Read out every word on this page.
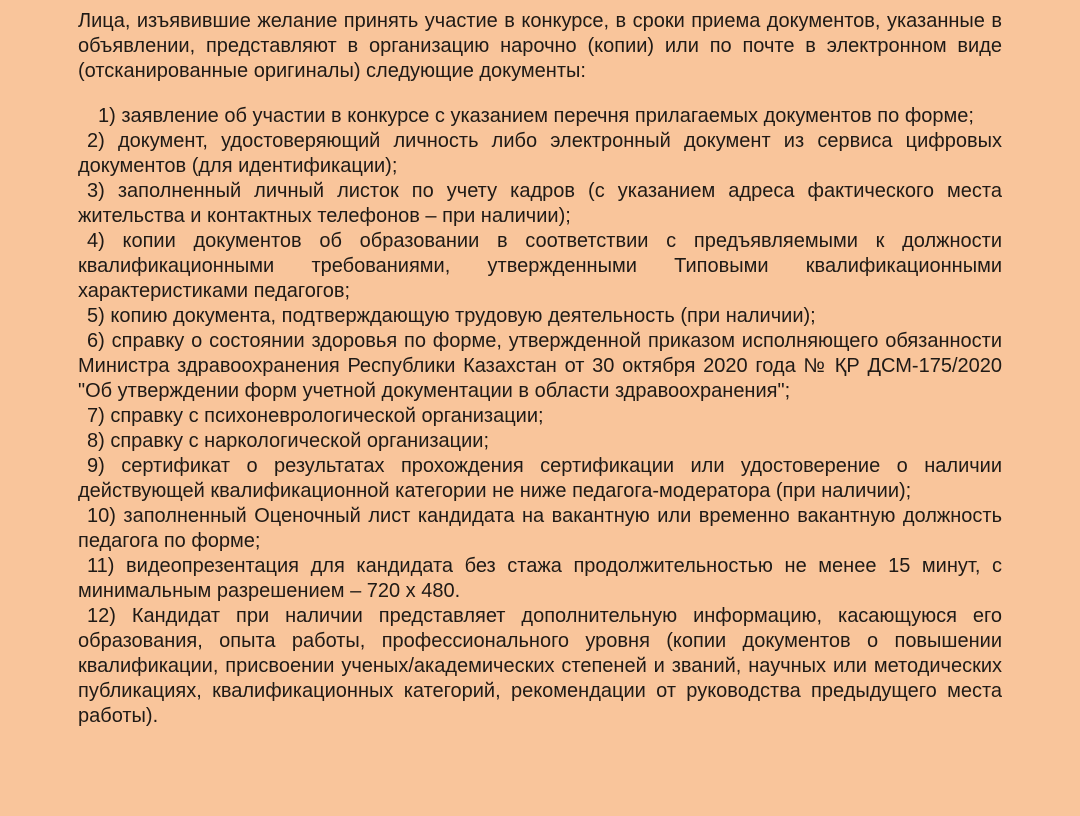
Лица, изъявившие желание принять участие в конкурсе, в сроки приема документов, указанные в объявлении, представляют в организацию нарочно (копии) или по почте в электронном виде (отсканированные оригиналы) следующие документы:

1) заявление об участии в конкурсе с указанием перечня прилагаемых документов по форме;

2) документ, удостоверяющий личность либо электронный документ из сервиса цифровых документов (для идентификации);

3) заполненный личный листок по учету кадров (с указанием адреса фактического места жительства и контактных телефонов – при наличии);

4) копии документов об образовании в соответствии с предъявляемыми к должности квалификационными требованиями, утвержденными Типовыми квалификационными характеристиками педагогов;

5) копию документа, подтверждающую трудовую деятельность (при наличии);

6) справку о состоянии здоровья по форме, утвержденной приказом исполняющего обязанности Министра здравоохранения Республики Казахстан от 30 октября 2020 года № ҚР ДСМ-175/2020 "Об утверждении форм учетной документации в области здравоохранения";

7) справку с психоневрологической организации;

8) справку с наркологической организации;

9) сертификат о результатах прохождения сертификации или удостоверение о наличии действующей квалификационной категории не ниже педагога-модератора (при наличии);

10) заполненный Оценочный лист кандидата на вакантную или временно вакантную должность педагога по форме;

11) видеопрезентация для кандидата без стажа продолжительностью не менее 15 минут, с минимальным разрешением – 720 x 480.

12) Кандидат при наличии представляет дополнительную информацию, касающуюся его образования, опыта работы, профессионального уровня (копии документов о повышении квалификации, присвоении ученых/академических степеней и званий, научных или методических публикациях, квалификационных категорий, рекомендации от руководства предыдущего места работы).
